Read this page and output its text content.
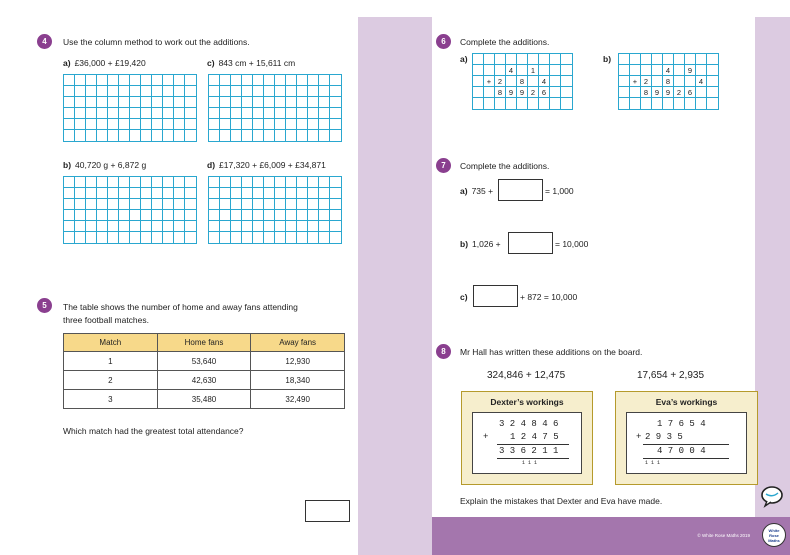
4 Use the column method to work out the additions.
a) £36,000 + £19,420	c) 843 cm + 15,611 cm
b) 40,720 g + 6,872 g	d) £17,320 + £6,009 + £34,871
5 The table shows the number of home and away fans attending
three football matches.
Match	Home fans	Away fans
1	53,640	12,930
2	42,630	18,340
3	35,480	32,490
Which match had the greatest total attendance?
6 Complete the additions.
a)	b)
4	1
+ 2	8	4
8 9 9 2 6
4	9
+ 2	8	4
8 9 9 2 6
7 Complete the additions.
a) 735 +	= 1,000
b) 1,026 +	= 10,000
c)	+ 872 = 10,000
8 Mr Hall has written these additions on the board.
324,846 + 12,475	17,654 + 2,935
Dexter’s workings
3 2 4 8 4 6
+ 1 2 4 7 5
3 3 6 2 1 1
1 1 1
Eva’s workings
1 7 6 5 4
+ 2 9 3 5
4 7 0 0 4
1 1 1
Explain the mistakes that Dexter and Eva have made.
© White Rose Maths 2019
White Rose Maths
